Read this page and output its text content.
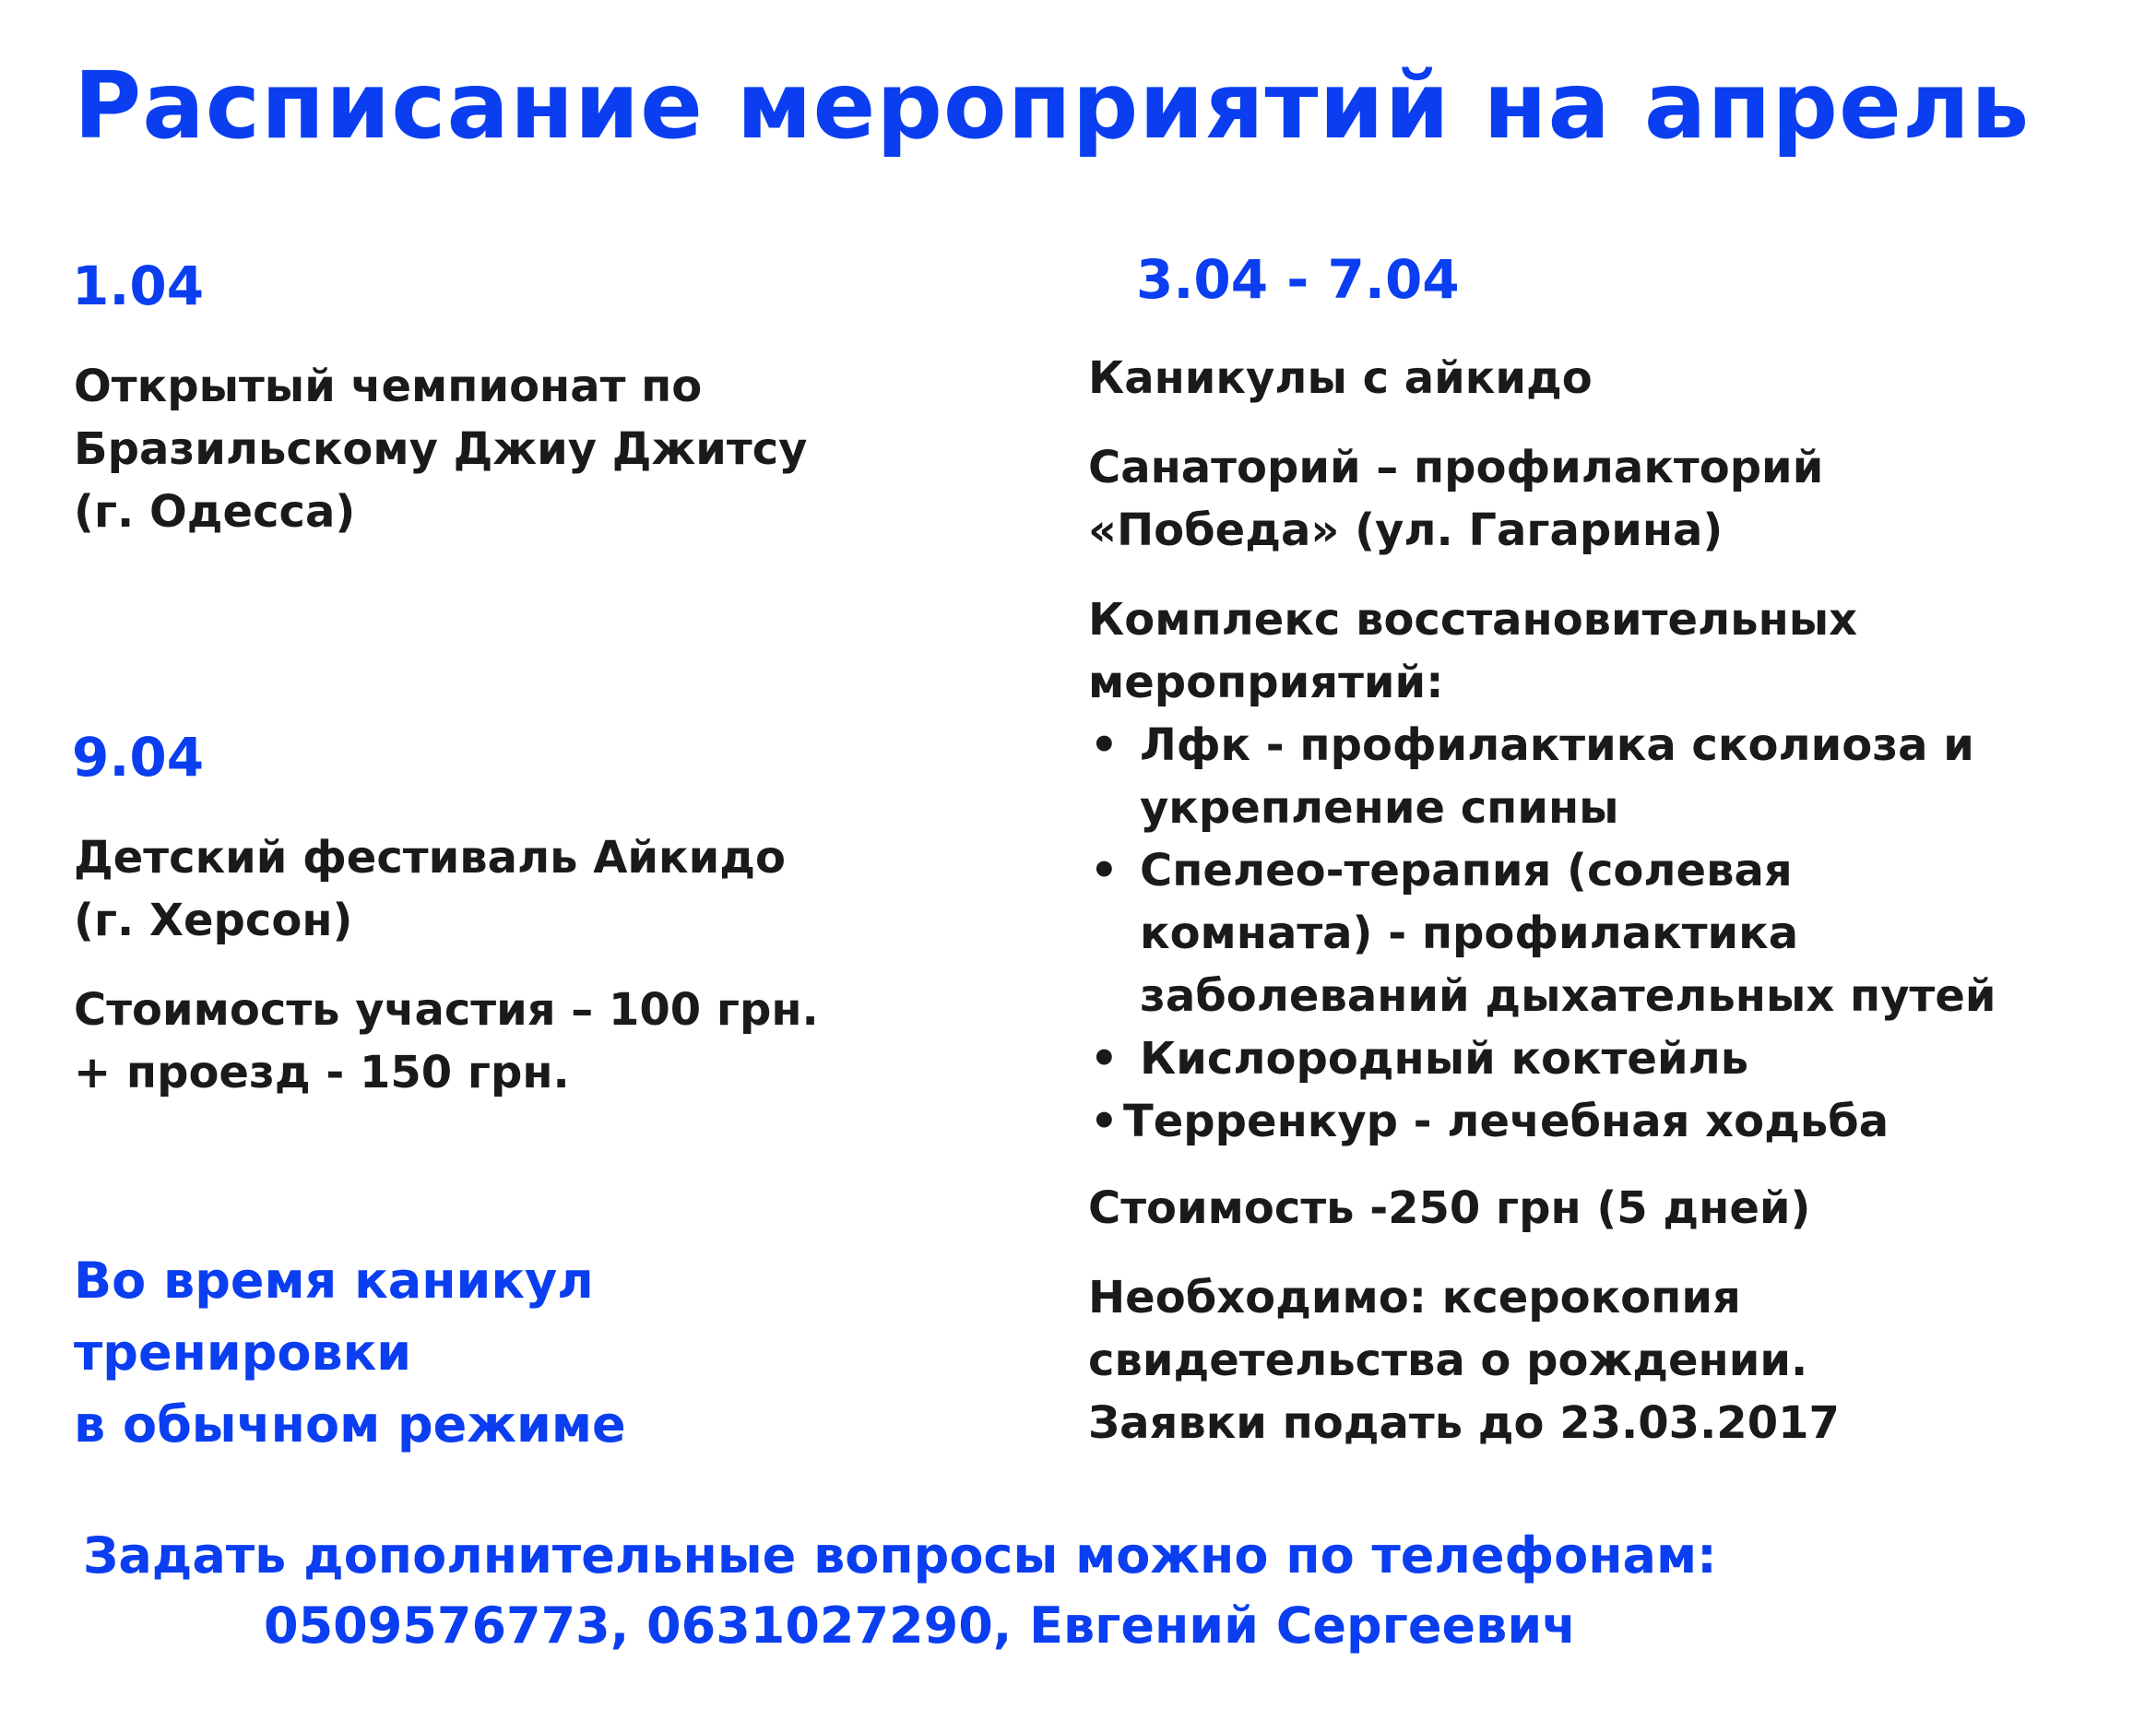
Расписание мероприятий на апрель
1.04
Открытый чемпионат по
Бразильскому Джиу Джитсу
(г. Одесса)
9.04
Детский фестиваль Айкидо
(г. Херсон)
Стоимость участия – 100 грн.
+ проезд - 150 грн.
Во время каникул
тренировки
в обычном режиме
3.04 - 7.04
Каникулы с айкидо
Санаторий – профилакторий
«Победа» (ул. Гагарина)
Комплекс восстановительных
мероприятий:
• Лфк - профилактика сколиоза и
укрепление спины
• Спелео-терапия (солевая
комната) - профилактика
заболеваний дыхательных путей
• Кислородный коктейль
• Терренкур - лечебная ходьба
Стоимость -250 грн (5 дней)
Необходимо: ксерокопия
свидетельства о рождении.
Заявки подать до 23.03.2017
Задать дополнительные вопросы можно по телефонам:
0509576773, 0631027290, Евгений Сергеевич
